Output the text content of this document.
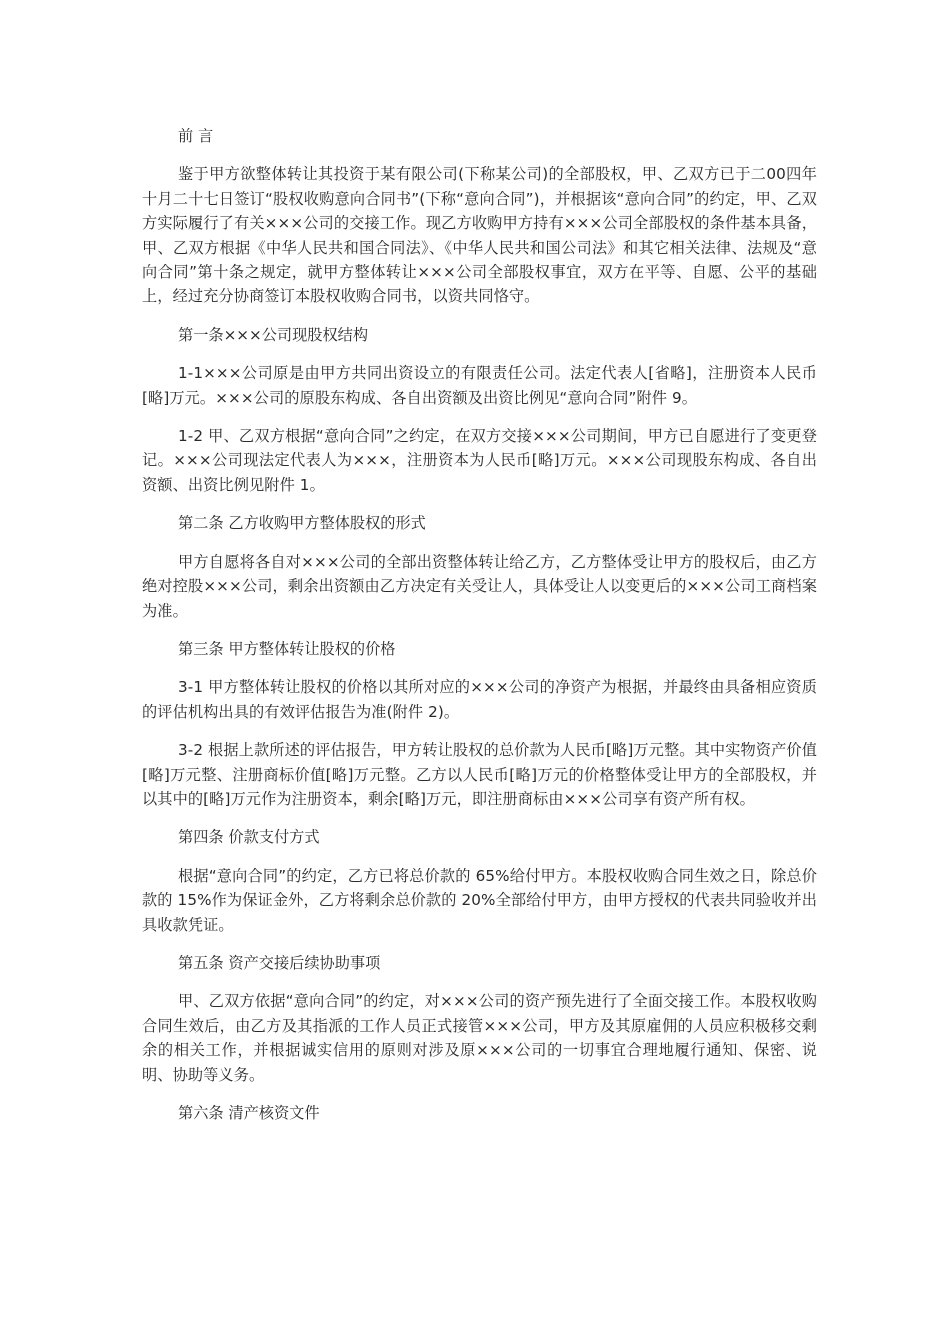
前 言

鉴于甲方欲整体转让其投资于某有限公司(下称某公司)的全部股权，甲、乙双方已于二00四年十月二十七日签订“股权收购意向合同书”(下称“意向合同”)，并根据该“意向合同”的约定，甲、乙双方实际履行了有关×××公司的交接工作。现乙方收购甲方持有×××公司全部股权的条件基本具备，甲、乙双方根据《中华人民共和国合同法》、《中华人民共和国公司法》和其它相关法律、法规及“意向合同”第十条之规定，就甲方整体转让×××公司全部股权事宜，双方在平等、自愿、公平的基础上，经过充分协商签订本股权收购合同书，以资共同恪守。

第一条×××公司现股权结构

1-1×××公司原是由甲方共同出资设立的有限责任公司。法定代表人[省略]，注册资本人民币[略]万元。×××公司的原股东构成、各自出资额及出资比例见“意向合同”附件 9。

1-2 甲、乙双方根据“意向合同”之约定，在双方交接×××公司期间，甲方已自愿进行了变更登记。×××公司现法定代表人为×××，注册资本为人民币[略]万元。×××公司现股东构成、各自出资额、出资比例见附件 1。

第二条 乙方收购甲方整体股权的形式

甲方自愿将各自对×××公司的全部出资整体转让给乙方，乙方整体受让甲方的股权后，由乙方绝对控股×××公司，剩余出资额由乙方决定有关受让人，具体受让人以变更后的×××公司工商档案为准。

第三条 甲方整体转让股权的价格

3-1 甲方整体转让股权的价格以其所对应的×××公司的净资产为根据，并最终由具备相应资质的评估机构出具的有效评估报告为准(附件 2)。

3-2 根据上款所述的评估报告，甲方转让股权的总价款为人民币[略]万元整。其中实物资产价值[略]万元整、注册商标价值[略]万元整。乙方以人民币[略]万元的价格整体受让甲方的全部股权，并以其中的[略]万元作为注册资本，剩余[略]万元，即注册商标由×××公司享有资产所有权。

第四条 价款支付方式

根据“意向合同”的约定，乙方已将总价款的 65%给付甲方。本股权收购合同生效之日，除总价款的 15%作为保证金外，乙方将剩余总价款的 20%全部给付甲方，由甲方授权的代表共同验收并出具收款凭证。

第五条 资产交接后续协助事项

甲、乙双方依据“意向合同”的约定，对×××公司的资产预先进行了全面交接工作。本股权收购合同生效后，由乙方及其指派的工作人员正式接管×××公司，甲方及其原雇佣的人员应积极移交剩余的相关工作，并根据诚实信用的原则对涉及原×××公司的一切事宜合理地履行通知、保密、说明、协助等义务。

第六条 清产核资文件
